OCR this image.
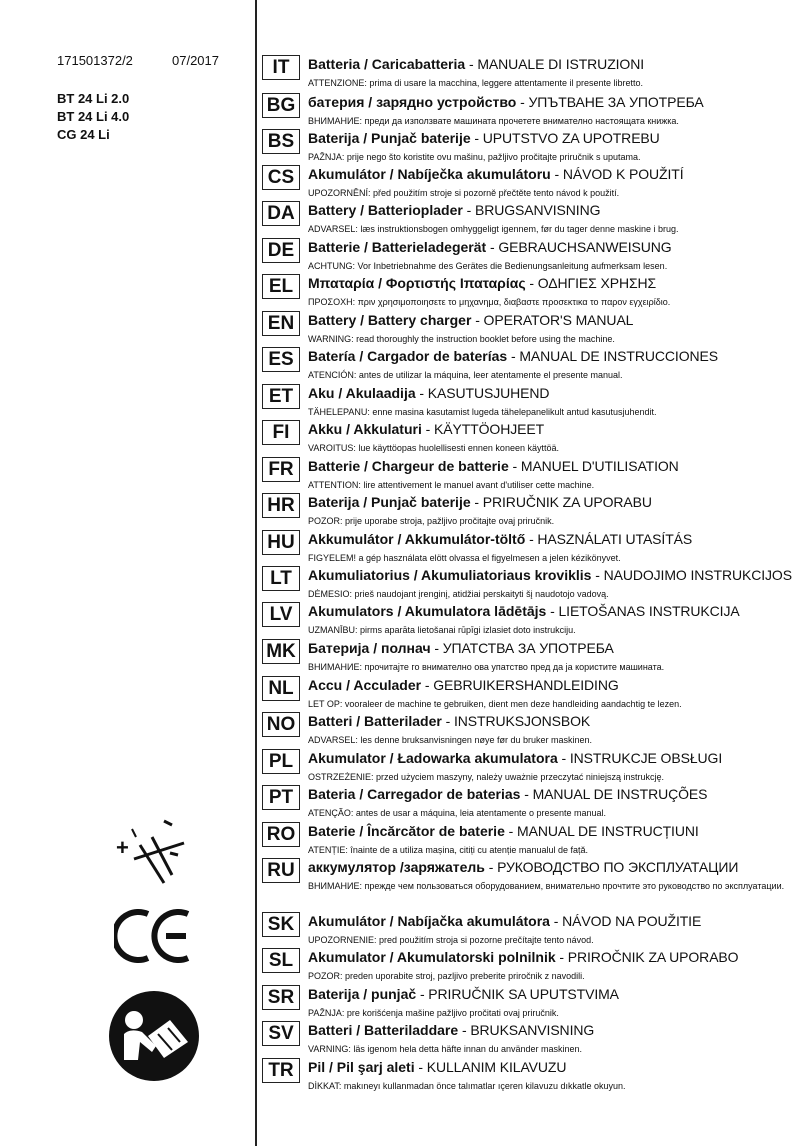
171501372/2	07/2017
BT 24 Li 2.0
BT 24 Li 4.0
CG 24 Li
+
IT	Batteria / Caricabatteria - MANUALE DI ISTRUZIONI
ATTENZIONE: prima di usare la macchina, leggere attentamente il presente libretto.
BG батерия / зарядно устройство - УПЪТВАНЕ ЗА УПОТРЕБА
ВНИМАНИЕ: преди да използвате машината прочетете внимателно настоящата книжка.
BS Baterija / Punjač baterije - UPUTSTVO ZA UPOTREBU
PAŽNJA: prije nego što koristite ovu mašinu, pažljivo pročitajte priručnik s uputama.
CS Akumulátor / Nabíječka akumulátoru - NÁVOD K POUŽITÍ
UPOZORNĚNÍ: před použitím stroje si pozorně přečtěte tento návod k použití.
DA Battery / Batterioplader - BRUGSANVISNING
ADVARSEL: læs instruktionsbogen omhyggeligt igennem, før du tager denne maskine i brug.
DE Batterie / Batterieladegerät - GEBRAUCHSANWEISUNG
ACHTUNG: Vor Inbetriebnahme des Gerätes die Bedienungsanleitung aufmerksam lesen.
EL	Μπαταρία / Φορτιστής Ιπαταρίας - ΟΔΗΓΙΕΣ ΧΡΗΣΗΣ
ΠΡΟΣΟΧΗ: πριν χρησιμοποιησετε το μηχανημα, διαβαστε προσεκτικα το παρον εγχειρίδιο.
EN Battery / Battery charger - OPERATOR'S MANUAL
WARNING: read thoroughly the instruction booklet before using the machine.
ES	Batería / Cargador de baterías - MANUAL DE INSTRUCCIONES
ATENCIÓN: antes de utilizar la máquina, leer atentamente el presente manual.
ET	Aku / Akulaadija - KASUTUSJUHEND
TÄHELEPANU: enne masina kasutamist lugeda tähelepanelikult antud kasutusjuhendit.
FI	Akku / Akkulaturi - KÄYTTÖOHJEET
VAROITUS: lue käyttöopas huolellisesti ennen koneen käyttöä.
FR	Batterie / Chargeur de batterie - MANUEL D'UTILISATION
ATTENTION: lire attentivement le manuel avant d'utiliser cette machine.
HR Baterija / Punjač baterije - PRIRUČNIK ZA UPORABU
POZOR: prije uporabe stroja, pažljivo pročitajte ovaj priručnik.
HU Akkumulátor / Akkumulátor-töltő - HASZNÁLATI UTASÍTÁS
FIGYELEM! a gép használata elött olvassa el figyelmesen a jelen kézikönyvet.
LT	Akumuliatorius / Akumuliatoriaus kroviklis - NAUDOJIMO INSTRUKCIJOS
DĖMESIO: prieš naudojant įrenginį, atidžiai perskaityti šį naudotojo vadovą.
LV	Akumulators / Akumulatora lādētājs - LIETOŠANAS INSTRUKCIJA
UZMANĪBU: pirms aparāta lietošanai rūpīgi izlasiet doto instrukciju.
MK Батерија / полнач - УПАТСТВА ЗА УПОТРЕБА
ВНИМАНИЕ: прочитајте го внимателно ова упатство пред да ја користите машината.
NL	Accu / Acculader - GEBRUIKERSHANDLEIDING
LET OP: vooraleer de machine te gebruiken, dient men deze handleiding aandachtig te lezen.
NO Batteri / Batterilader - INSTRUKSJONSBOK
ADVARSEL: les denne bruksanvisningen nøye før du bruker maskinen.
PL	Akumulator / Ładowarka akumulatora - INSTRUKCJE OBSŁUGI
OSTRZEŻENIE: przed użyciem maszyny, należy uważnie przeczytać niniejszą instrukcję.
PT	Bateria / Carregador de baterias - MANUAL DE INSTRUÇÕES
ATENÇÃO: antes de usar a máquina, leia atentamente o presente manual.
RO Baterie / Încărcător de baterie - MANUAL DE INSTRUCȚIUNI
ATENȚIE: înainte de a utiliza mașina, citiți cu atenție manualul de față.
RU аккумулятор /заряжатель - РУКОВОДСТВО ПО ЭКСПЛУАТАЦИИ
ВНИМАНИЕ: прежде чем пользоваться оборудованием, внимательно прочтите это руководство по эксплуатации.
SK Akumulátor / Nabíjačka akumulátora - NÁVOD NA POUŽITIE
UPOZORNENIE: pred použitím stroja si pozorne prečítajte tento návod.
SL	Akumulator / Akumulatorski polnilnik - PRIROČNIK ZA UPORABO
POZOR: preden uporabite stroj, pazljivo preberite priročnik z navodili.
SR Baterija / punjač - PRIRUČNIK SA UPUTSTVIMA
PAŽNJA: pre korišćenja mašine pažljivo pročitati ovaj priručnik.
SV	Batteri / Batteriladdare - BRUKSANVISNING
VARNING: läs igenom hela detta häfte innan du använder maskinen.
TR	Pil / Pil şarj aleti - KULLANIM KILAVUZU
DİKKAT: makıneyı kullanmadan önce talımatlar ıçeren kilavuzu dıkkatle okuyun.
